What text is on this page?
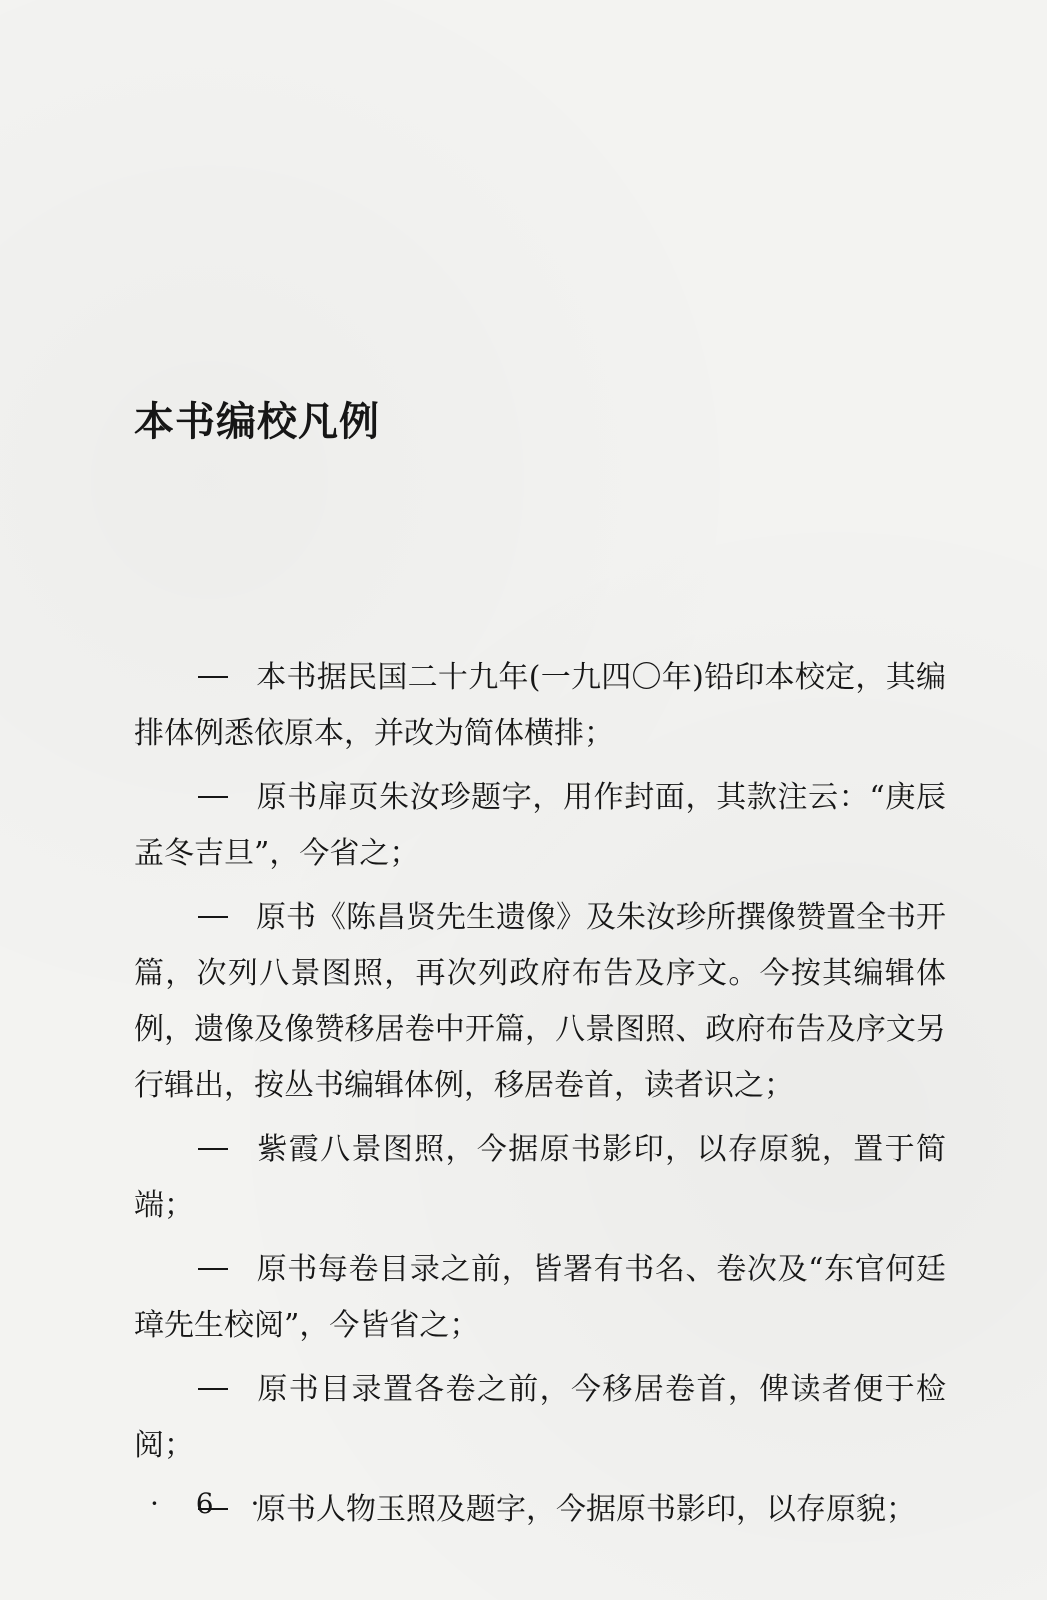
本书编校凡例

本书据民国二十九年(一九四〇年)铅印本校定，其编排体例悉依原本，并改为简体横排；

原书扉页朱汝珍题字，用作封面，其款注云：“庚辰孟冬吉旦”，今省之；

原书《陈昌贤先生遗像》及朱汝珍所撰像赞置全书开篇，次列八景图照，再次列政府布告及序文。今按其编辑体例，遗像及像赞移居卷中开篇，八景图照、政府布告及序文另行辑出，按丛书编辑体例，移居卷首，读者识之；

紫霞八景图照，今据原书影印，以存原貌，置于简端；

原书每卷目录之前，皆署有书名、卷次及“东官何廷璋先生校阅”，今皆省之；

原书目录置各卷之前，今移居卷首，俾读者便于检阅；

原书人物玉照及题字，今据原书影印，以存原貌；

· 6 ·
